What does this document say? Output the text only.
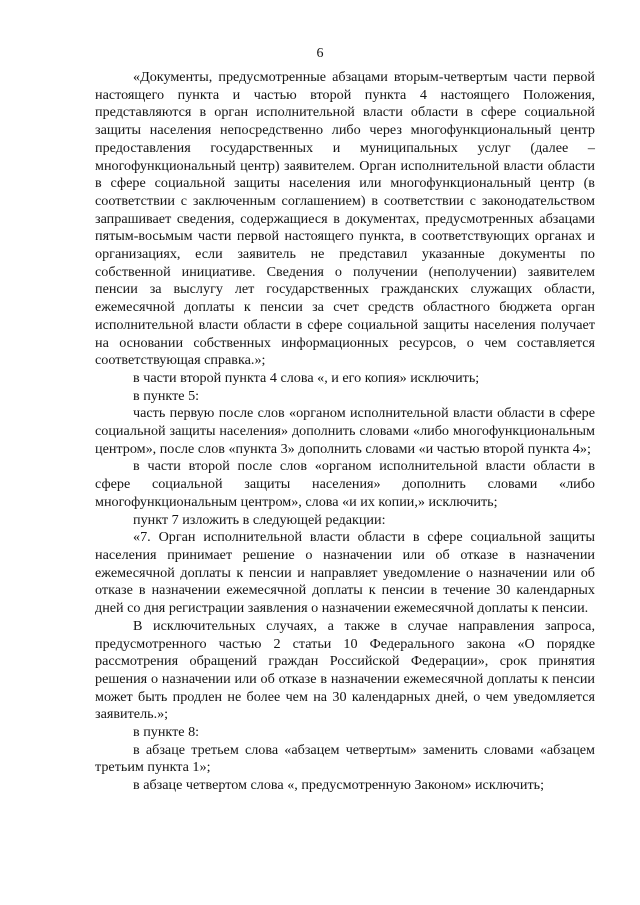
6

«Документы, предусмотренные абзацами вторым-четвертым части первой настоящего пункта и частью второй пункта 4 настоящего Положения, представляются в орган исполнительной власти области в сфере социальной защиты населения непосредственно либо через многофункциональный центр предоставления государственных и муниципальных услуг (далее – многофункциональный центр) заявителем. Орган исполнительной власти области в сфере социальной защиты населения или многофункциональный центр (в соответствии с заключенным соглашением) в соответствии с законодательством запрашивает сведения, содержащиеся в документах, предусмотренных абзацами пятым-восьмым части первой настоящего пункта, в соответствующих органах и организациях, если заявитель не представил указанные документы по собственной инициативе. Сведения о получении (неполучении) заявителем пенсии за выслугу лет государственных гражданских служащих области, ежемесячной доплаты к пенсии за счет средств областного бюджета орган исполнительной власти области в сфере социальной защиты населения получает на основании собственных информационных ресурсов, о чем составляется соответствующая справка.»;

в части второй пункта 4 слова «, и его копия» исключить;

в пункте 5:

часть первую после слов «органом исполнительной власти области в сфере социальной защиты населения» дополнить словами «либо многофункциональным центром», после слов «пункта 3» дополнить словами «и частью второй пункта 4»;

в части второй после слов «органом исполнительной власти области в сфере социальной защиты населения» дополнить словами «либо многофункциональным центром», слова «и их копии,» исключить;

пункт 7 изложить в следующей редакции:

«7. Орган исполнительной власти области в сфере социальной защиты населения принимает решение о назначении или об отказе в назначении ежемесячной доплаты к пенсии и направляет уведомление о назначении или об отказе в назначении ежемесячной доплаты к пенсии в течение 30 календарных дней со дня регистрации заявления о назначении ежемесячной доплаты к пенсии.

В исключительных случаях, а также в случае направления запроса, предусмотренного частью 2 статьи 10 Федерального закона «О порядке рассмотрения обращений граждан Российской Федерации», срок принятия решения о назначении или об отказе в назначении ежемесячной доплаты к пенсии может быть продлен не более чем на 30 календарных дней, о чем уведомляется заявитель.»;

в пункте 8:

в абзаце третьем слова «абзацем четвертым» заменить словами «абзацем третьим пункта 1»;

в абзаце четвертом слова «, предусмотренную Законом» исключить;
